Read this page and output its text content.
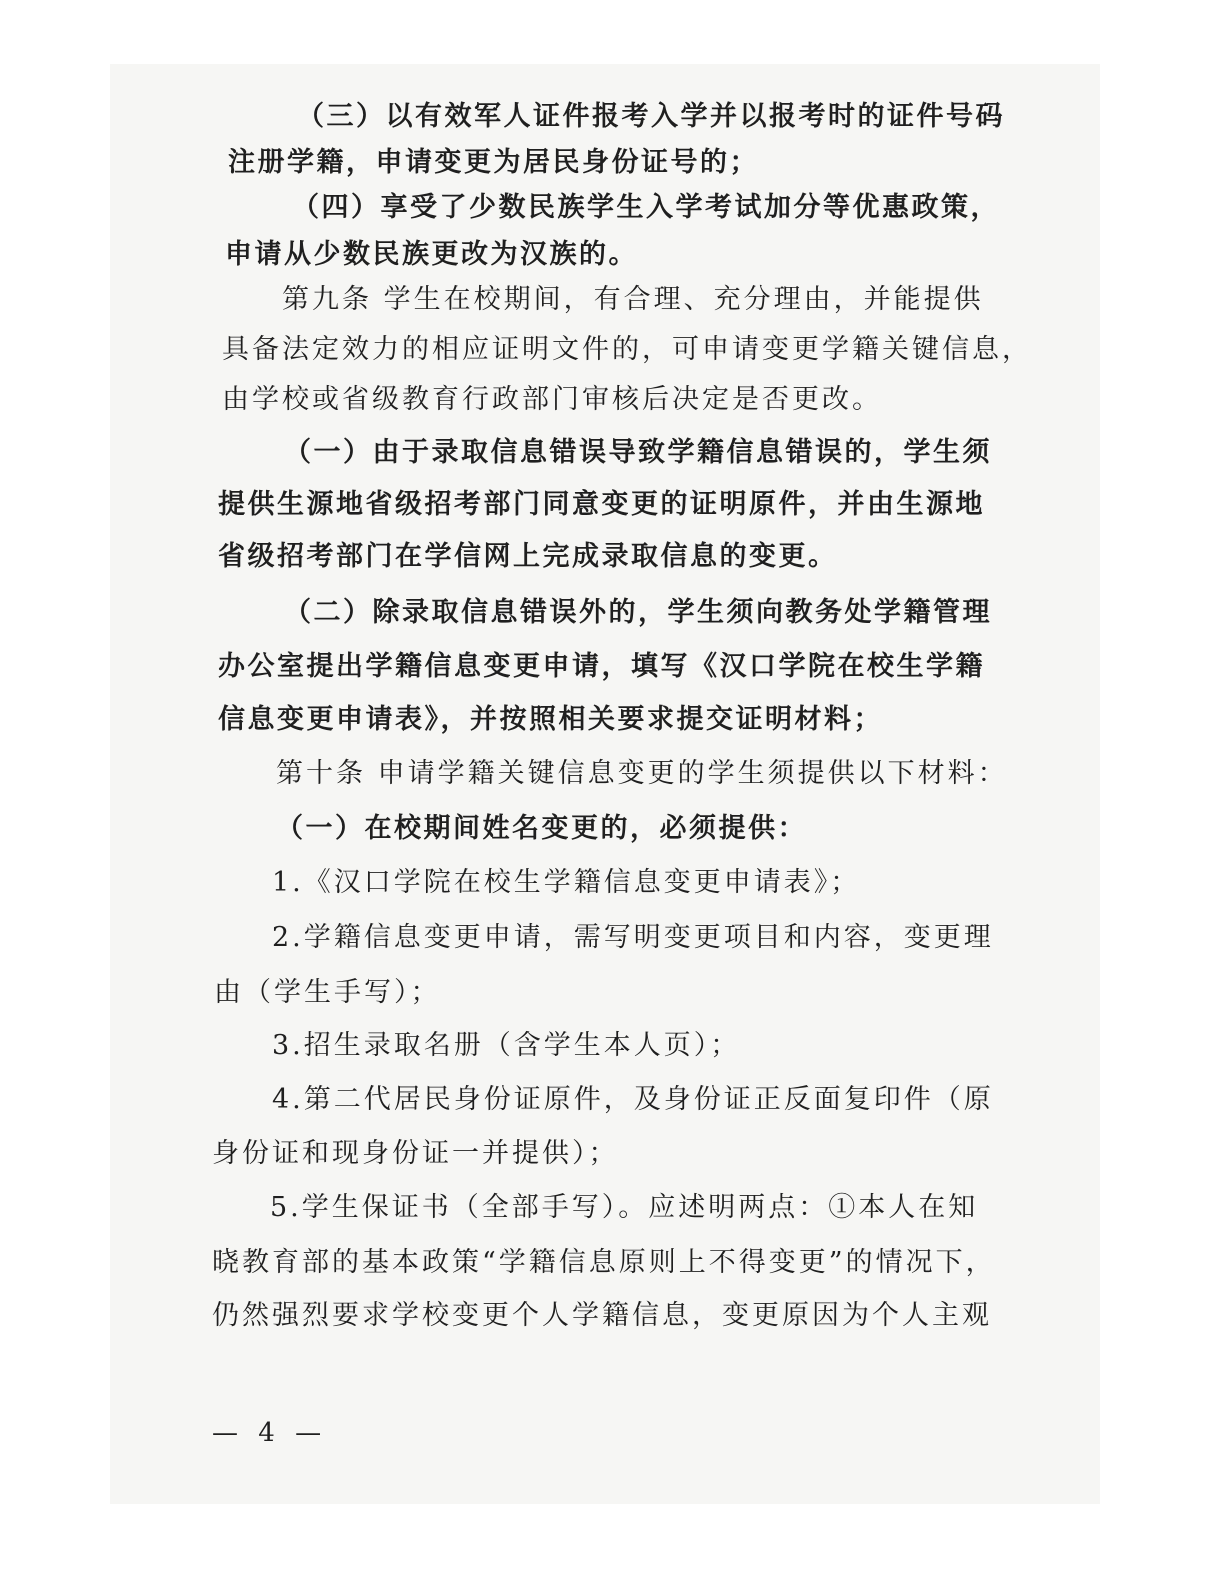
（三）以有效军人证件报考入学并以报考时的证件号码
注册学籍，申请变更为居民身份证号的；
（四）享受了少数民族学生入学考试加分等优惠政策，
申请从少数民族更改为汉族的。
第九条 学生在校期间，有合理、充分理由，并能提供
具备法定效力的相应证明文件的，可申请变更学籍关键信息，
由学校或省级教育行政部门审核后决定是否更改。
（一）由于录取信息错误导致学籍信息错误的，学生须
提供生源地省级招考部门同意变更的证明原件，并由生源地
省级招考部门在学信网上完成录取信息的变更。
（二）除录取信息错误外的，学生须向教务处学籍管理
办公室提出学籍信息变更申请，填写《汉口学院在校生学籍
信息变更申请表》，并按照相关要求提交证明材料；
第十条 申请学籍关键信息变更的学生须提供以下材料：
（一）在校期间姓名变更的，必须提供：
1.《汉口学院在校生学籍信息变更申请表》；
2.学籍信息变更申请，需写明变更项目和内容，变更理
由（学生手写）；
3.招生录取名册（含学生本人页）；
4.第二代居民身份证原件，及身份证正反面复印件（原
身份证和现身份证一并提供）；
5.学生保证书（全部手写）。应述明两点：①本人在知
晓教育部的基本政策“学籍信息原则上不得变更”的情况下，
仍然强烈要求学校变更个人学籍信息，变更原因为个人主观
— 4 —
